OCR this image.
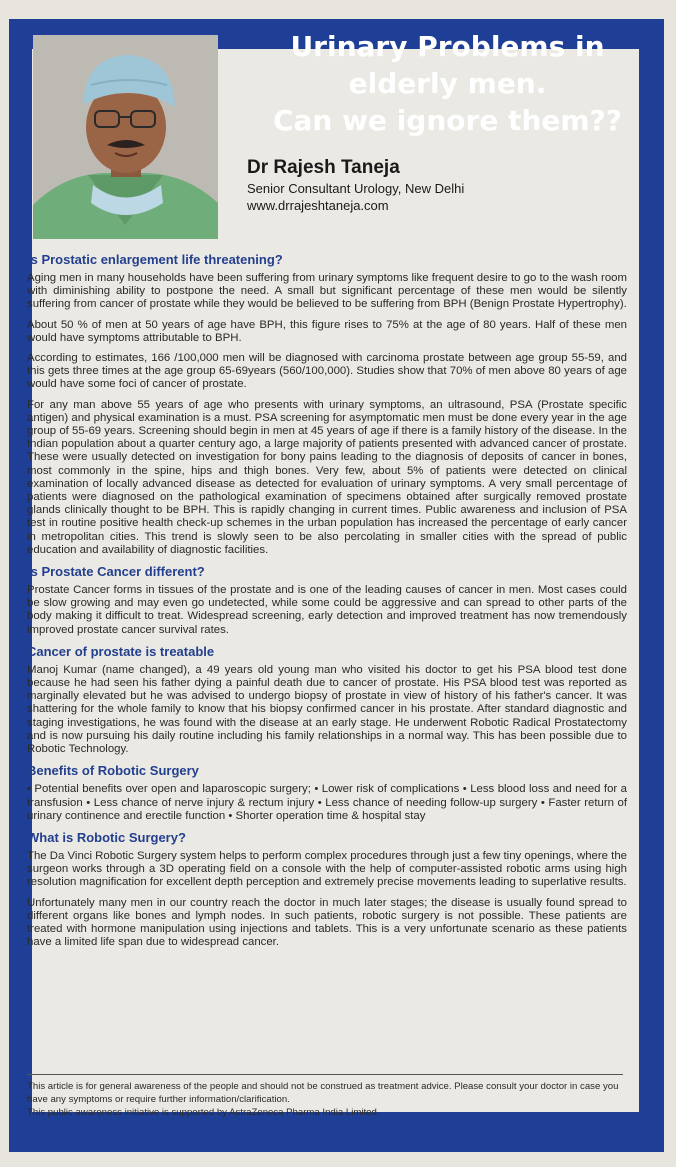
Urinary Problems in
elderly men.
Can we ignore them??
Dr Rajesh Taneja
Senior Consultant Urology, New Delhi
www.drrajeshtaneja.com
Is Prostatic enlargement life threatening?

Aging men in many households have been suffering from urinary symptoms like frequent desire to go to the wash room with diminishing ability to postpone the need. A small but significant percentage of these men would be silently suffering from cancer of prostate while they would be believed to be suffering from BPH (Benign Prostate Hypertrophy).

About 50 % of men at 50 years of age have BPH, this figure rises to 75% at the age of 80 years. Half of these men would have symptoms attributable to BPH.

According to estimates, 166 /100,000 men will be diagnosed with carcinoma prostate between age group 55-59, and this gets three times at the age group 65-69years (560/100,000). Studies show that 70% of men above 80 years of age would have some foci of cancer of prostate.

For any man above 55 years of age who presents with urinary symptoms, an ultrasound, PSA (Prostate specific antigen) and physical examination is a must. PSA screening for asymptomatic men must be done every year in the age group of 55-69 years. Screening should begin in men at 45 years of age if there is a family history of the disease. In the Indian population about a quarter century ago, a large majority of patients presented with advanced cancer of prostate. These were usually detected on investigation for bony pains leading to the diagnosis of deposits of cancer in bones, most commonly in the spine, hips and thigh bones. Very few, about 5% of patients were detected on clinical examination of locally advanced disease as detected for evaluation of urinary symptoms. A very small percentage of patients were diagnosed on the pathological examination of specimens obtained after surgically removed prostate glands clinically thought to be BPH. This is rapidly changing in current times. Public awareness and inclusion of PSA test in routine positive health check-up schemes in the urban population has increased the percentage of early cancer in metropolitan cities. This trend is slowly seen to be also percolating in smaller cities with the spread of public education and availability of diagnostic facilities.

Is Prostate Cancer different?

Prostate Cancer forms in tissues of the prostate and is one of the leading causes of cancer in men. Most cases could be slow growing and may even go undetected, while some could be aggressive and can spread to other parts of the body making it difficult to treat. Widespread screening, early detection and improved treatment has now tremendously improved prostate cancer survival rates.

Cancer of prostate is treatable

Manoj Kumar (name changed), a 49 years old young man who visited his doctor to get his PSA blood test done because he had seen his father dying a painful death due to cancer of prostate. His PSA blood test was reported as marginally elevated but he was advised to undergo biopsy of prostate in view of history of his father's cancer. It was shattering for the whole family to know that his biopsy confirmed cancer in his prostate. After standard diagnostic and staging investigations, he was found with the disease at an early stage. He underwent Robotic Radical Prostatectomy and is now pursuing his daily routine including his family relationships in a normal way. This has been possible due to Robotic Technology.

Benefits of Robotic Surgery

• Potential benefits over open and laparoscopic surgery; • Lower risk of complications • Less blood loss and need for a transfusion • Less chance of nerve injury & rectum injury • Less chance of needing follow-up surgery • Faster return of urinary continence and erectile function • Shorter operation time & hospital stay

What is Robotic Surgery?

The Da Vinci Robotic Surgery system helps to perform complex procedures through just a few tiny openings, where the surgeon works through a 3D operating field on a console with the help of computer-assisted robotic arms using high resolution magnification for excellent depth perception and extremely precise movements leading to superlative results.

Unfortunately many men in our country reach the doctor in much later stages; the disease is usually found spread to different organs like bones and lymph nodes. In such patients, robotic surgery is not possible. These patients are treated with hormone manipulation using injections and tablets. This is a very unfortunate scenario as these patients have a limited life span due to widespread cancer.

This article is for general awareness of the people and should not be construed as treatment advice. Please consult your doctor in case you have any symptoms or require further information/clarification.

This public awareness initiative is supported by AstraZeneca Pharma India Limited.
